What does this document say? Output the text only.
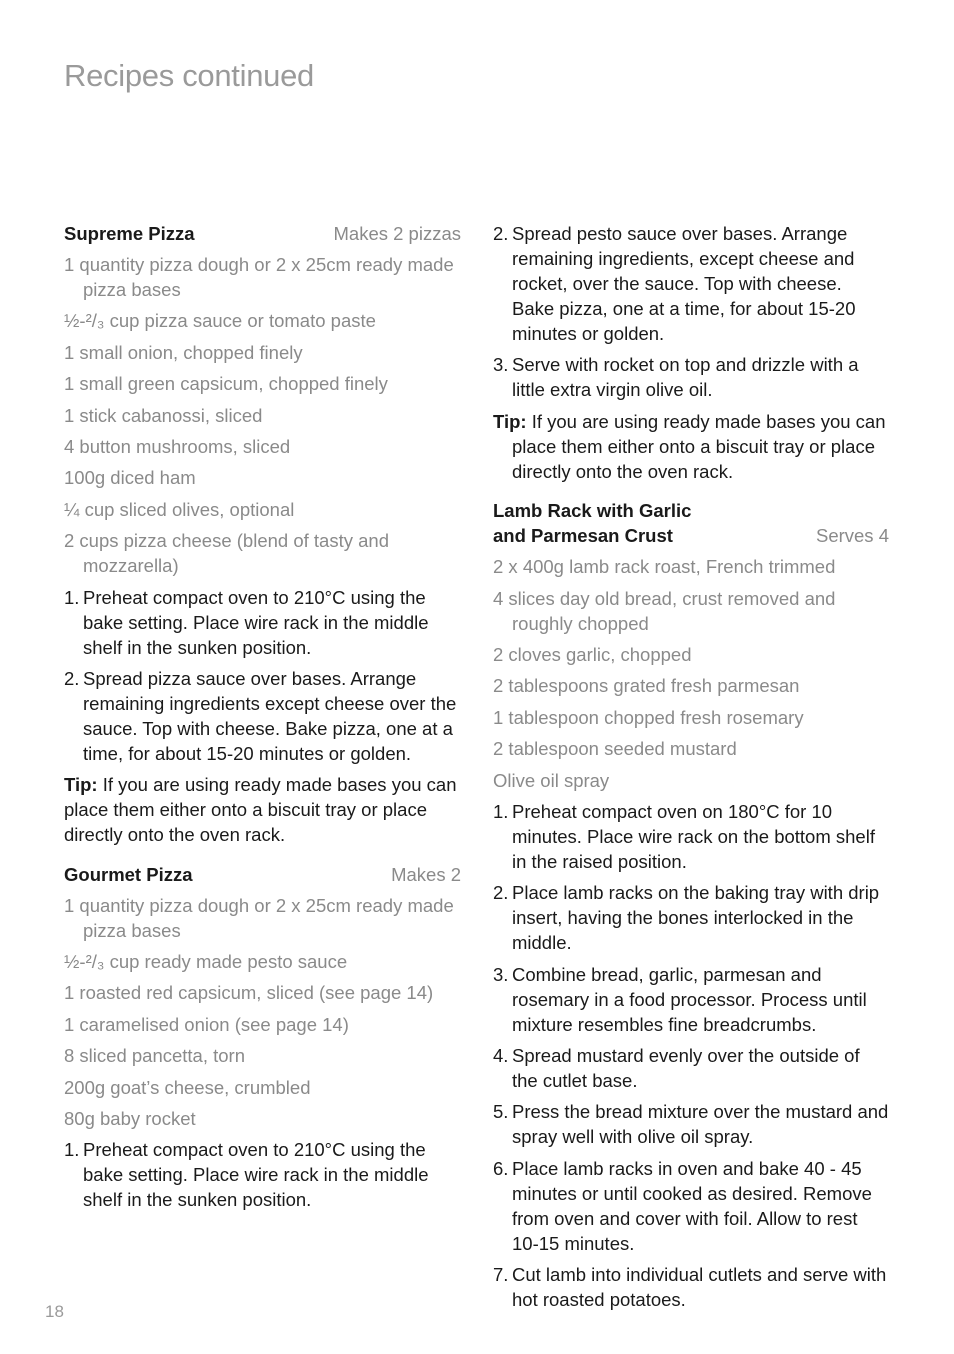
Recipes continued
Supreme Pizza	Makes 2 pizzas

1 quantity pizza dough or 2 x 25cm ready made pizza bases

½-²/₃ cup pizza sauce or tomato paste

1 small onion, chopped finely

1 small green capsicum, chopped finely

1 stick cabanossi, sliced

4 button mushrooms, sliced

100g diced ham

¼ cup sliced olives, optional

2 cups pizza cheese (blend of tasty and mozzarella)

1. Preheat compact oven to 210°C using the bake setting. Place wire rack in the middle shelf in the sunken position.
2. Spread pizza sauce over bases. Arrange remaining ingredients except cheese over the sauce. Top with cheese. Bake pizza, one at a time, for about 15-20 minutes or golden.

Tip: If you are using ready made bases you can place them either onto a biscuit tray or place directly onto the oven rack.

Gourmet Pizza	Makes 2

1 quantity pizza dough or 2 x 25cm ready made pizza bases

½-²/₃ cup ready made pesto sauce

1 roasted red capsicum, sliced (see page 14)

1 caramelised onion (see page 14)

8 sliced pancetta, torn

200g goat’s cheese, crumbled

80g baby rocket

1. Preheat compact oven to 210°C using the bake setting. Place wire rack in the middle shelf in the sunken position.
2. Spread pesto sauce over bases. Arrange remaining ingredients, except cheese and rocket, over the sauce. Top with cheese. Bake pizza, one at a time, for about 15-20 minutes or golden.
3. Serve with rocket on top and drizzle with a little extra virgin olive oil.

Tip: If you are using ready made bases you can place them either onto a biscuit tray or place directly onto the oven rack.

Lamb Rack with Garlic
and Parmesan Crust	Serves 4

2 x 400g lamb rack roast, French trimmed

4 slices day old bread, crust removed and roughly chopped

2 cloves garlic, chopped

2 tablespoons grated fresh parmesan

1 tablespoon chopped fresh rosemary

2 tablespoon seeded mustard

Olive oil spray

1. Preheat compact oven on 180°C for 10 minutes. Place wire rack on the bottom shelf in the raised position.
2. Place lamb racks on the baking tray with drip insert, having the bones interlocked in the middle.
3. Combine bread, garlic, parmesan and rosemary in a food processor. Process until mixture resembles fine breadcrumbs.
4. Spread mustard evenly over the outside of the cutlet base.
5. Press the bread mixture over the mustard and spray well with olive oil spray.
6. Place lamb racks in oven and bake 40 - 45 minutes or until cooked as desired. Remove from oven and cover with foil. Allow to rest 10-15 minutes.
7. Cut lamb into individual cutlets and serve with hot roasted potatoes.
18
